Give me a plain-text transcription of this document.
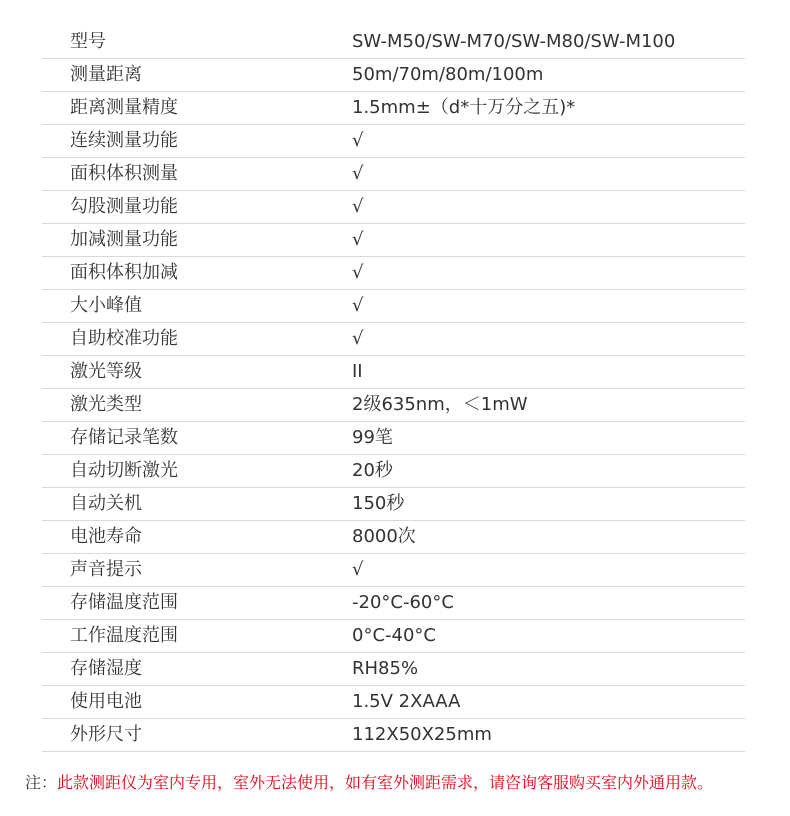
型号	SW-M50/SW-M70/SW-M80/SW-M100
测量距离	50m/70m/80m/100m
距离测量精度	1.5mm±（d*十万分之五)*
连续测量功能	√
面积体积测量	√
勾股测量功能	√
加减测量功能	√
面积体积加减	√
大小峰值	√
自助校准功能	√
激光等级	II
激光类型	2级635nm，＜1mW
存储记录笔数	99笔
自动切断激光	20秒
自动关机	150秒
电池寿命	8000次
声音提示	√
存储温度范围	-20°C-60°C
工作温度范围	0°C-40°C
存储湿度	RH85%
使用电池	1.5V 2XAAA
外形尺寸	112X50X25mm
注：此款测距仪为室内专用，室外无法使用，如有室外测距需求，请咨询客服购买室内外通用款。
